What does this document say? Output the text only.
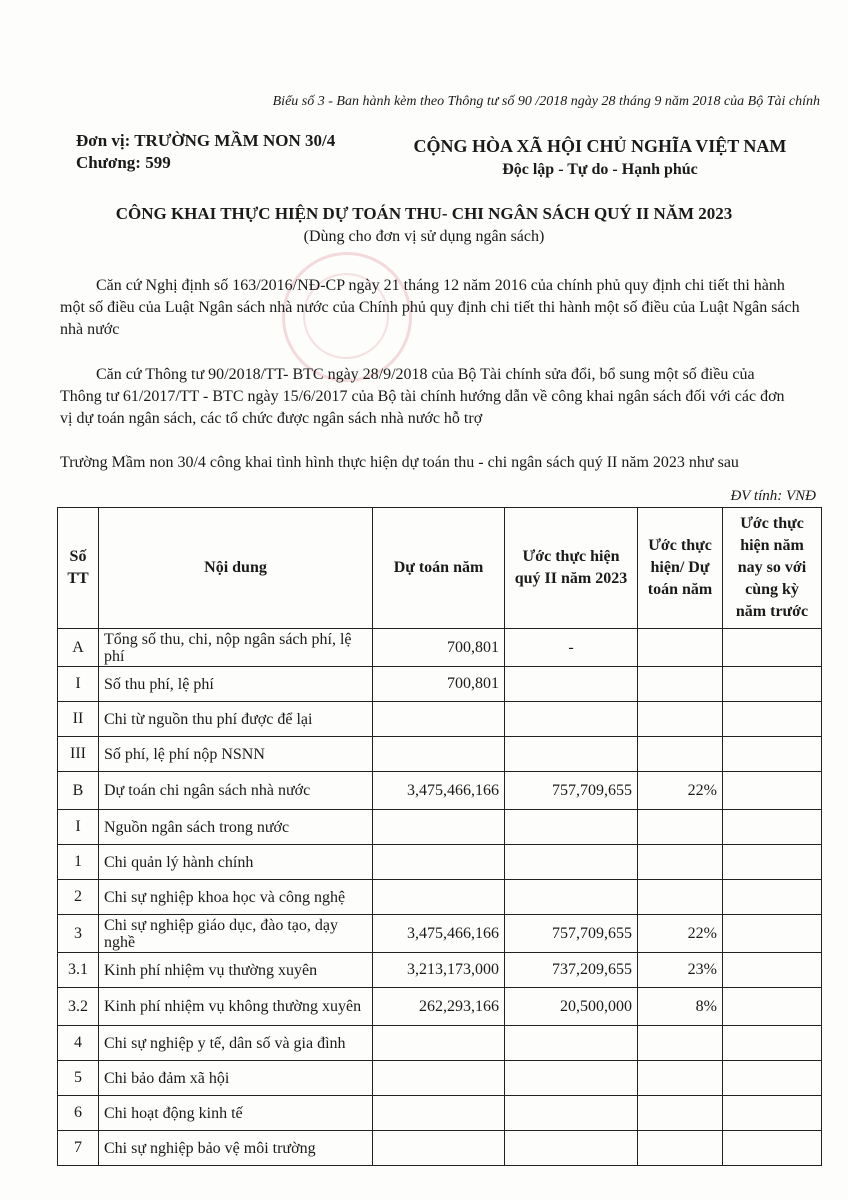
Biểu số 3 - Ban hành kèm theo Thông tư số 90 /2018 ngày 28 tháng 9 năm 2018 của Bộ Tài chính
Đơn vị: TRƯỜNG MẦM NON 30/4
Chương: 599
CỘNG HÒA XÃ HỘI CHỦ NGHĨA VIỆT NAM
Độc lập - Tự do - Hạnh phúc
CÔNG KHAI THỰC HIỆN DỰ TOÁN THU- CHI NGÂN SÁCH QUÝ II NĂM 2023
(Dùng cho đơn vị sử dụng ngân sách)
Căn cứ Nghị định số 163/2016/NĐ-CP ngày 21 tháng 12 năm 2016 của chính phủ quy định chi tiết thi hành một số điều của Luật Ngân sách nhà nước của Chính phủ quy định chi tiết thi hành một số điều của Luật Ngân sách nhà nước
Căn cứ Thông tư 90/2018/TT- BTC ngày 28/9/2018 của Bộ Tài chính sửa đổi, bổ sung một số điều của Thông tư 61/2017/TT - BTC ngày 15/6/2017 của Bộ tài chính hướng dẫn về công khai ngân sách đối với các đơn vị dự toán ngân sách, các tổ chức được ngân sách nhà nước hỗ trợ
Trường Mầm non 30/4 công khai tình hình thực hiện dự toán thu - chi ngân sách quý II năm 2023 như sau
ĐV tính: VNĐ
Số TT	Nội dung	Dự toán năm	Ước thực hiện quý II năm 2023	Ước thực hiện/ Dự toán năm	Ước thực hiện năm nay so với cùng kỳ năm trước
A	Tổng số thu, chi, nộp ngân sách phí, lệ phí	700,801	-		
I	Số thu phí, lệ phí	700,801			
II	Chi từ nguồn thu phí được để lại				
III	Số phí, lệ phí nộp NSNN				
B	Dự toán chi ngân sách nhà nước	3,475,466,166	757,709,655	22%	
I	Nguồn ngân sách trong nước				
1	Chi quản lý hành chính				
2	Chi sự nghiệp khoa học và công nghệ				
3	Chi sự nghiệp giáo dục, đào tạo, dạy nghề	3,475,466,166	757,709,655	22%	
3.1	Kinh phí nhiệm vụ thường xuyên	3,213,173,000	737,209,655	23%	
3.2	Kinh phí nhiệm vụ không thường xuyên	262,293,166	20,500,000	8%	
4	Chi sự nghiệp y tế, dân số và gia đình				
5	Chi bảo đảm xã hội				
6	Chi hoạt động kinh tế				
7	Chi sự nghiệp bảo vệ môi trường				
